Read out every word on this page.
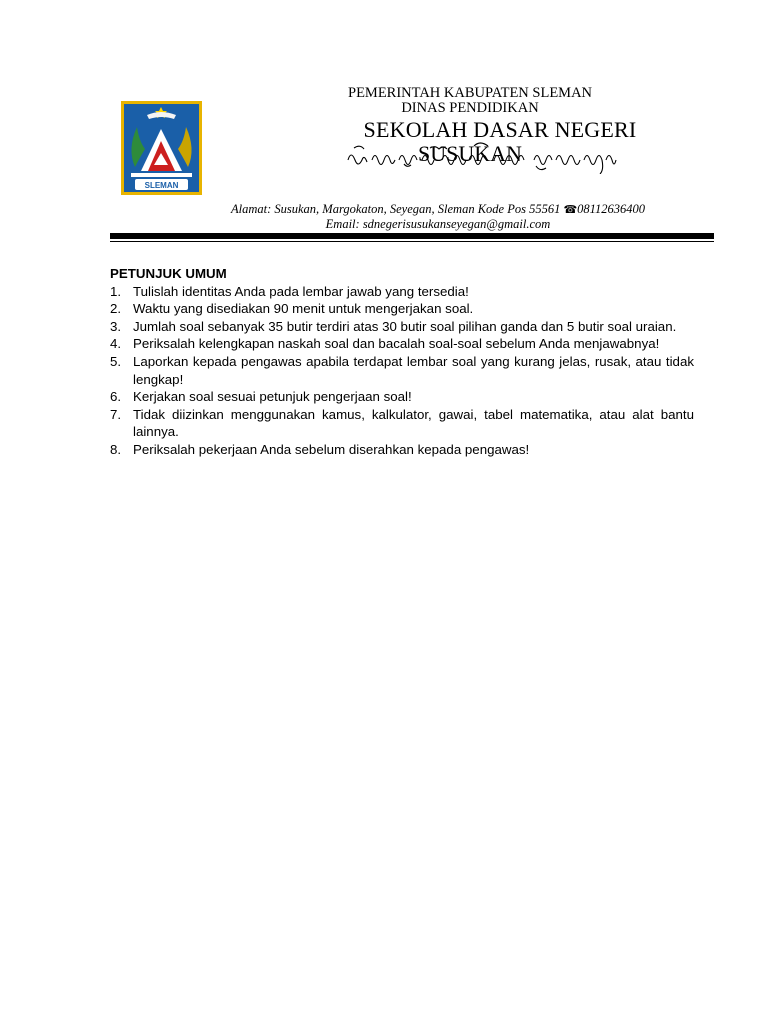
SLEMAN
PEMERINTAH KABUPATEN SLEMAN
DINAS PENDIDIKAN
SEKOLAH DASAR NEGERI
SUSUKAN
Alamat: Susukan, Margokaton, Seyegan, Sleman Kode Pos 55561 ☎08112636400
Email: sdnegerisusukanseyegan@gmail.com
PETUNJUK UMUM
1. Tulislah identitas Anda pada lembar jawab yang tersedia!
2. Waktu yang disediakan 90 menit untuk mengerjakan soal.
3. Jumlah soal sebanyak 35 butir terdiri atas 30 butir soal pilihan ganda dan 5 butir soal uraian.
4. Periksalah kelengkapan naskah soal dan bacalah soal-soal sebelum Anda menjawabnya!
5. Laporkan kepada pengawas apabila terdapat lembar soal yang kurang jelas, rusak, atau tidak lengkap!
6. Kerjakan soal sesuai petunjuk pengerjaan soal!
7. Tidak diizinkan menggunakan kamus, kalkulator, gawai, tabel matematika, atau alat bantu lainnya.
8. Periksalah pekerjaan Anda sebelum diserahkan kepada pengawas!
